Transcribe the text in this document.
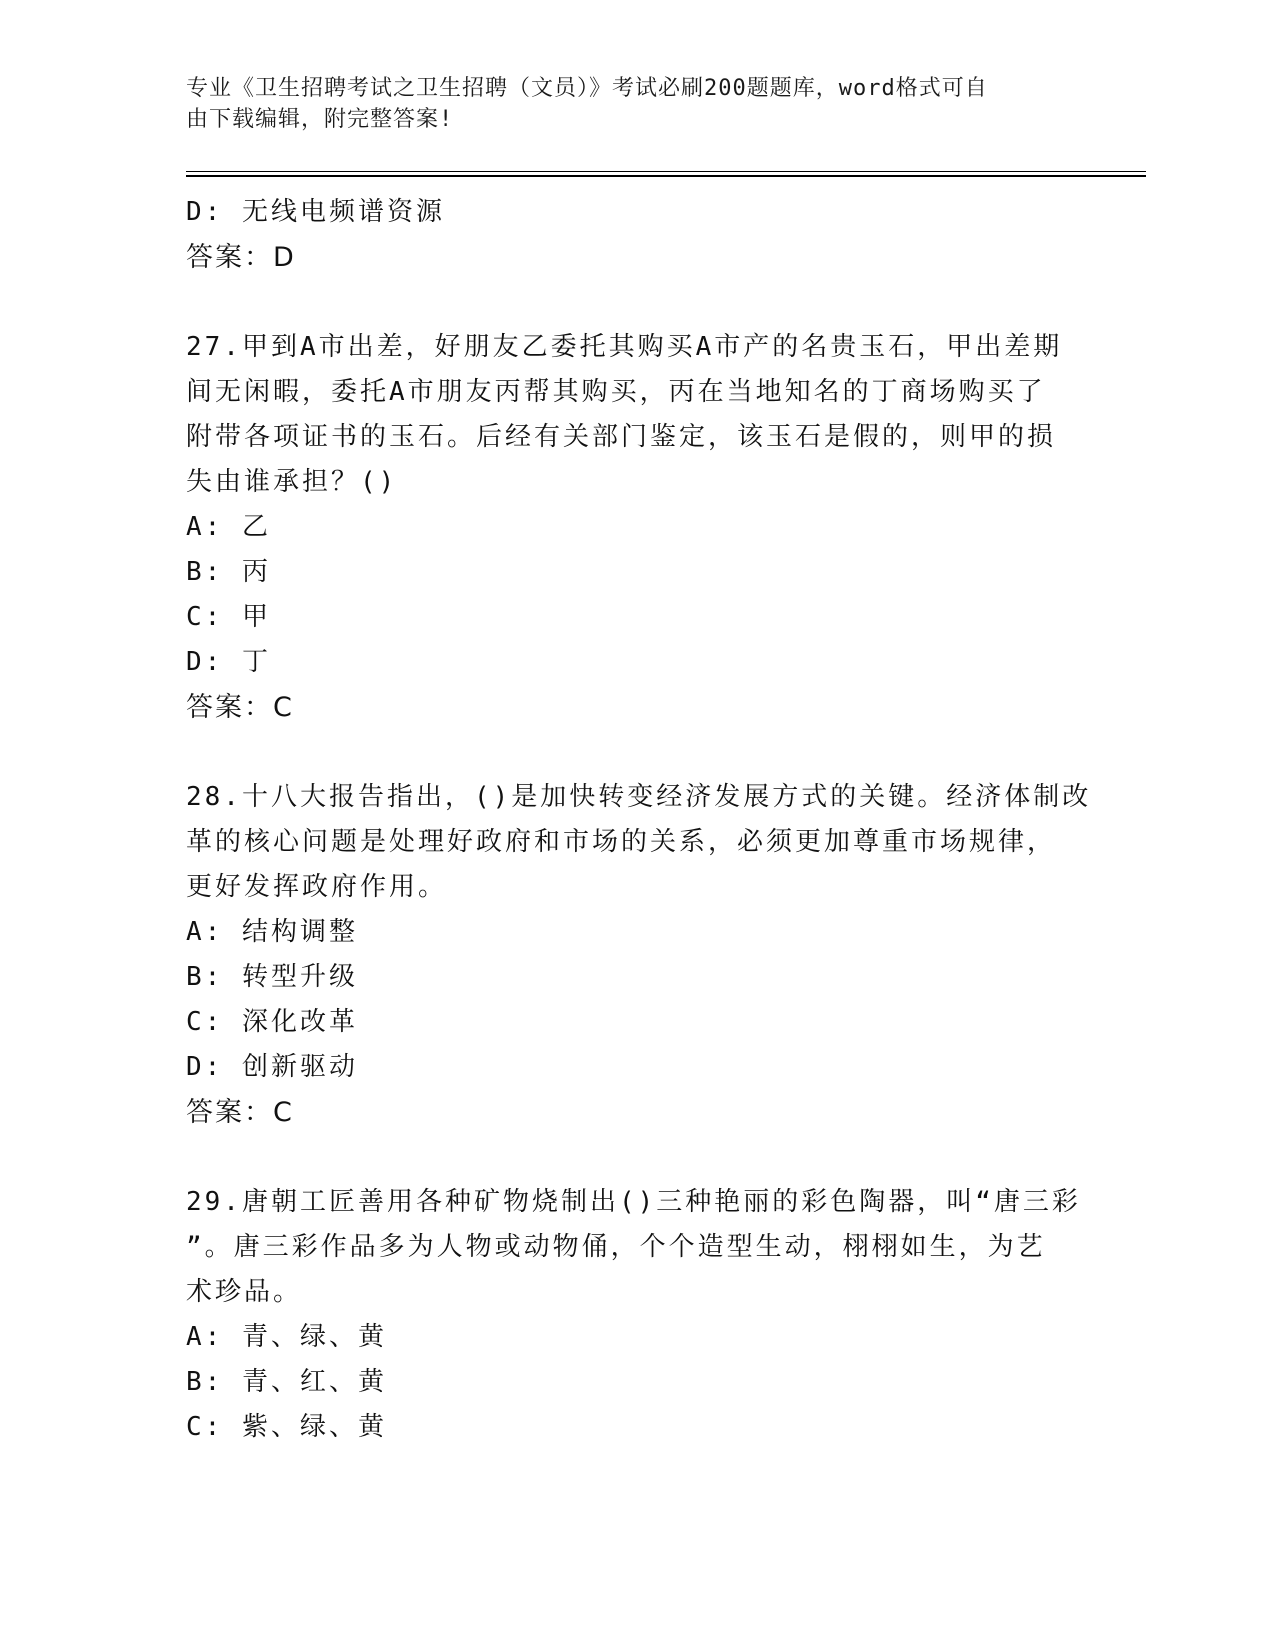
专业《卫生招聘考试之卫生招聘（文员）》考试必刷200题题库，word格式可自
由下载编辑，附完整答案!
D: 无线电频谱资源
答案：D
27.甲到A市出差，好朋友乙委托其购买A市产的名贵玉石，甲出差期
间无闲暇，委托A市朋友丙帮其购买，丙在当地知名的丁商场购买了
附带各项证书的玉石。后经有关部门鉴定，该玉石是假的，则甲的损
失由谁承担？()
A: 乙
B: 丙
C: 甲
D: 丁
答案：C
28.十八大报告指出，()是加快转变经济发展方式的关键。经济体制改
革的核心问题是处理好政府和市场的关系，必须更加尊重市场规律，
更好发挥政府作用。
A: 结构调整
B: 转型升级
C: 深化改革
D: 创新驱动
答案：C
29.唐朝工匠善用各种矿物烧制出()三种艳丽的彩色陶器，叫“唐三彩
”。唐三彩作品多为人物或动物俑，个个造型生动，栩栩如生，为艺
术珍品。
A: 青、绿、黄
B: 青、红、黄
C: 紫、绿、黄
